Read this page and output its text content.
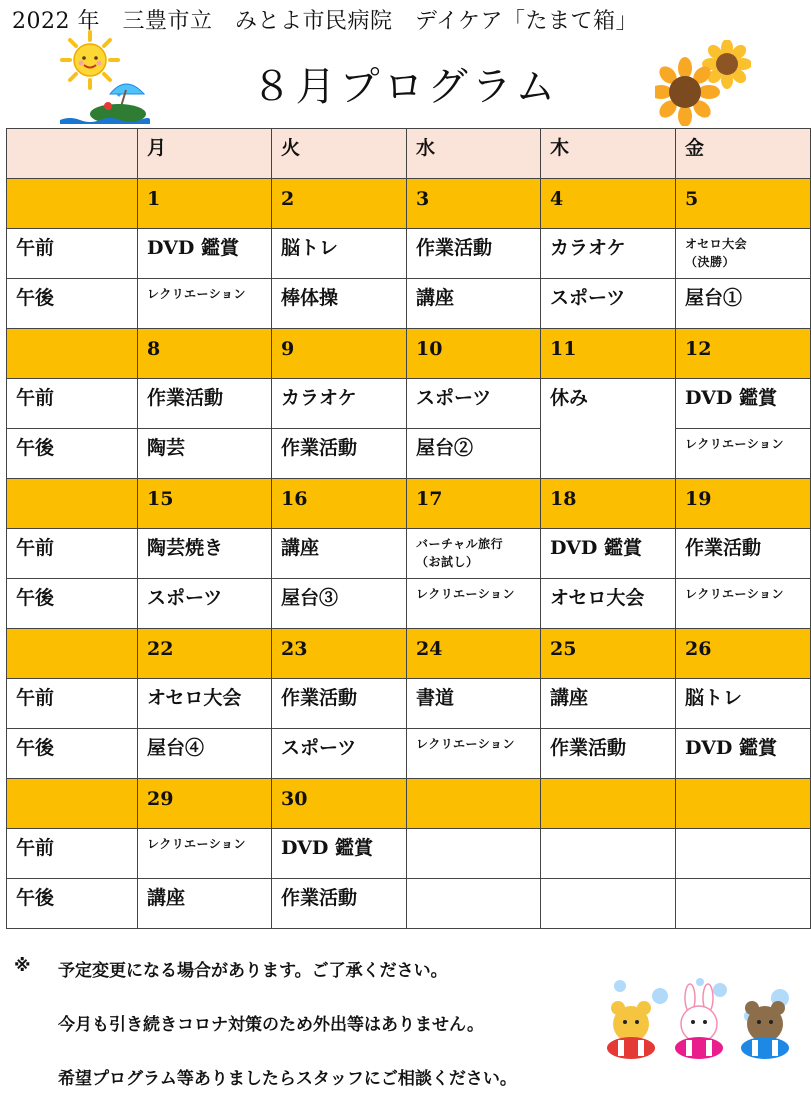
2022 年　三豊市立　みとよ市民病院　デイケア「たまて箱」
８月プログラム

	月	火	水	木	金

	1	2	3	4	5

午前	DVD 鑑賞	脳トレ	作業活動	カラオケ	オセロ大会
（決勝）

午後	レクリエーション	棒体操	講座	スポーツ	屋台①

	8	9	10	11	12

午前	作業活動	カラオケ	スポーツ	休み	DVD 鑑賞

午後	陶芸	作業活動	屋台②		レクリエーション

	15	16	17	18	19

午前	陶芸焼き	講座	バーチャル旅行
（お試し）	DVD 鑑賞	作業活動

午後	スポーツ	屋台③	レクリエーション	オセロ大会	レクリエーション

	22	23	24	25	26

午前	オセロ大会	作業活動	書道	講座	脳トレ

午後	屋台④	スポーツ	レクリエーション	作業活動	DVD 鑑賞

	29	30			

午前	レクリエーション	DVD 鑑賞			

午後	講座	作業活動			

※ 予定変更になる場合があります。ご了承ください。
今月も引き続きコロナ対策のため外出等はありません。
希望プログラム等ありましたらスタッフにご相談ください。
